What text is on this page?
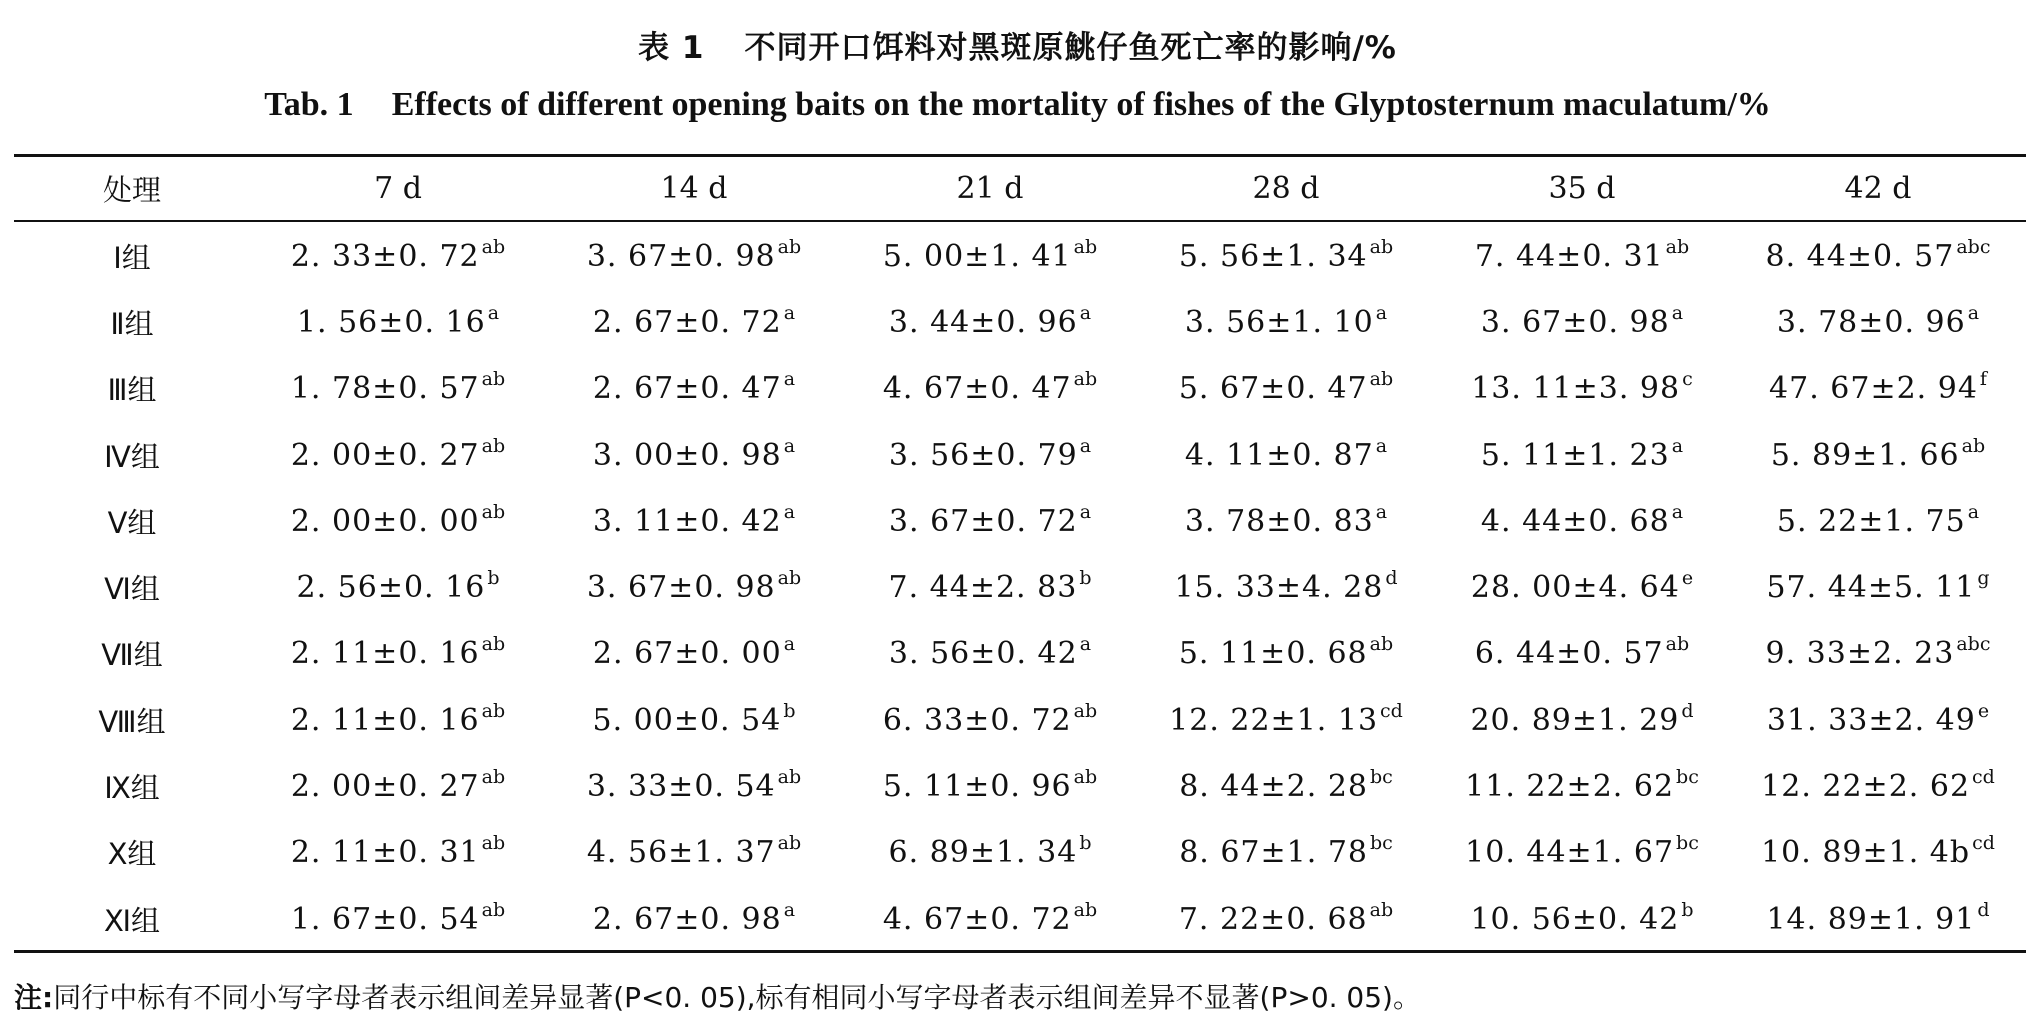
表 1 不同开口饵料对黑斑原鮡仔鱼死亡率的影响/%
Tab. 1 Effects of different opening baits on the mortality of fishes of the Glyptosternum maculatum/%
处理	7 d	14 d	21 d	28 d	35 d	42 d
Ⅰ组	2. 33±0. 72 $^{ab}$	3. 67±0. 98 $^{ab}$	5. 00±1. 41 $^{ab}$	5. 56±1. 34 $^{ab}$	7. 44±0. 31 $^{ab}$	8. 44±0. 57 $^{abc}$
Ⅱ组	1. 56±0. 16 $^a$	2. 67±0. 72 $^a$	3. 44±0. 96 $^a$	3. 56±1. 10 $^a$	3. 67±0. 98 $^a$	3. 78±0. 96 $^a$
Ⅲ组	1. 78±0. 57 $^{ab}$	2. 67±0. 47 $^a$	4. 67±0. 47 $^{ab}$	5. 67±0. 47 $^{ab}$	13. 11±3. 98 $^c$	47. 67±2. 94 $^f$
Ⅳ组	2. 00±0. 27 $^{ab}$	3. 00±0. 98 $^a$	3. 56±0. 79 $^a$	4. 11±0. 87 $^a$	5. 11±1. 23 $^a$	5. 89±1. 66 $^{ab}$
Ⅴ组	2. 00±0. 00 $^{ab}$	3. 11±0. 42 $^a$	3. 67±0. 72 $^a$	3. 78±0. 83 $^a$	4. 44±0. 68 $^a$	5. 22±1. 75 $^a$
Ⅵ组	2. 56±0. 16 $^b$	3. 67±0. 98 $^{ab}$	7. 44±2. 83 $^b$	15. 33±4. 28 $^d$	28. 00±4. 64 $^e$	57. 44±5. 11 $^g$
Ⅶ组	2. 11±0. 16 $^{ab}$	2. 67±0. 00 $^a$	3. 56±0. 42 $^a$	5. 11±0. 68 $^{ab}$	6. 44±0. 57 $^{ab}$	9. 33±2. 23 $^{abc}$
Ⅷ组	2. 11±0. 16 $^{ab}$	5. 00±0. 54 $^b$	6. 33±0. 72 $^{ab}$	12. 22±1. 13 $^{cd}$	20. 89±1. 29 $^d$	31. 33±2. 49 $^e$
Ⅸ组	2. 00±0. 27 $^{ab}$	3. 33±0. 54 $^{ab}$	5. 11±0. 96 $^{ab}$	8. 44±2. 28 $^{bc}$	11. 22±2. 62 $^{bc}$	12. 22±2. 62 $^{cd}$
Ⅹ组	2. 11±0. 31 $^{ab}$	4. 56±1. 37 $^{ab}$	6. 89±1. 34 $^b$	8. 67±1. 78 $^{bc}$	10. 44±1. 67 $^{bc}$	10. 89±1. 4b $^{cd}$
Ⅺ组	1. 67±0. 54 $^{ab}$	2. 67±0. 98 $^a$	4. 67±0. 72 $^{ab}$	7. 22±0. 68 $^{ab}$	10. 56±0. 42 $^b$	14. 89±1. 91 $^d$
注:同行中标有不同小写字母者表示组间差异显著(P<0. 05),标有相同小写字母者表示组间差异不显著(P>0. 05)。
